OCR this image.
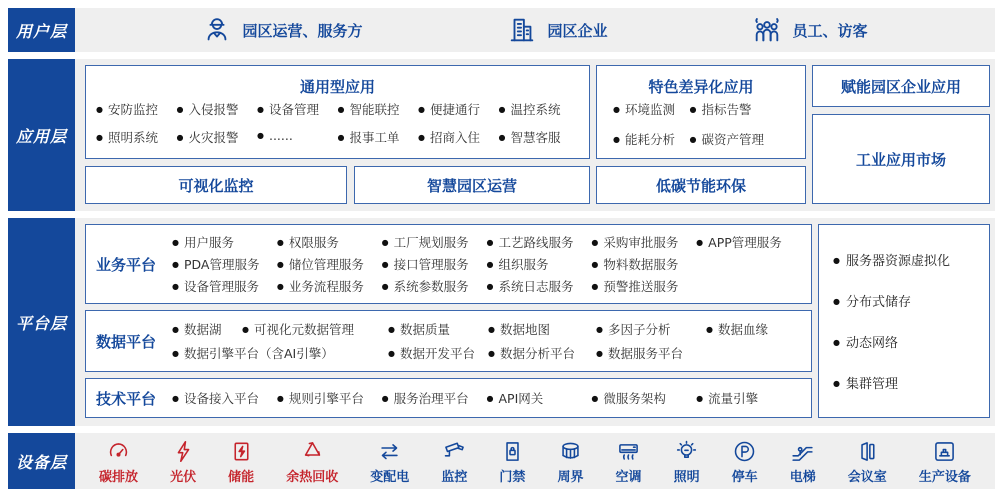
用户层	园区运营、服务方	园区企业	员工、访客
应用层
通用型应用
● 安防监控	● 入侵报警	● 设备管理	● 智能联控	● 便捷通行	● 温控系统
● 照明系统	● 火灾报警	● ......	● 报事工单	● 招商入住	● 智慧客服
可视化监控	智慧园区运营
特色差异化应用
● 环境监测	● 指标告警
● 能耗分析	● 碳资产管理
低碳节能环保
赋能园区企业应用
工业应用市场
平台层
业务平台
● 用户服务	● 权限服务	● 工厂规划服务	● 工艺路线服务	● 采购审批服务	● APP管理服务
● PDA管理服务	● 储位管理服务	● 接口管理服务	● 组织服务	● 物料数据服务
● 设备管理服务	● 业务流程服务	● 系统参数服务	● 系统日志服务	● 预警推送服务
数据平台
● 数据湖	● 可视化元数据管理	● 数据质量	● 数据地图	● 多因子分析	● 数据血缘
● 数据引擎平台（含AI引擎）	● 数据开发平台	● 数据分析平台	● 数据服务平台
技术平台	● 设备接入平台	● 规则引擎平台	● 服务治理平台	● API网关	● 微服务架构	● 流量引擎
● 服务器资源虚拟化
● 分布式储存
● 动态网络
● 集群管理
设备层
碳排放 光伏 储能 余热回收 变配电 监控 门禁 周界 空调 照明 停车 电梯 会议室 生产设备
